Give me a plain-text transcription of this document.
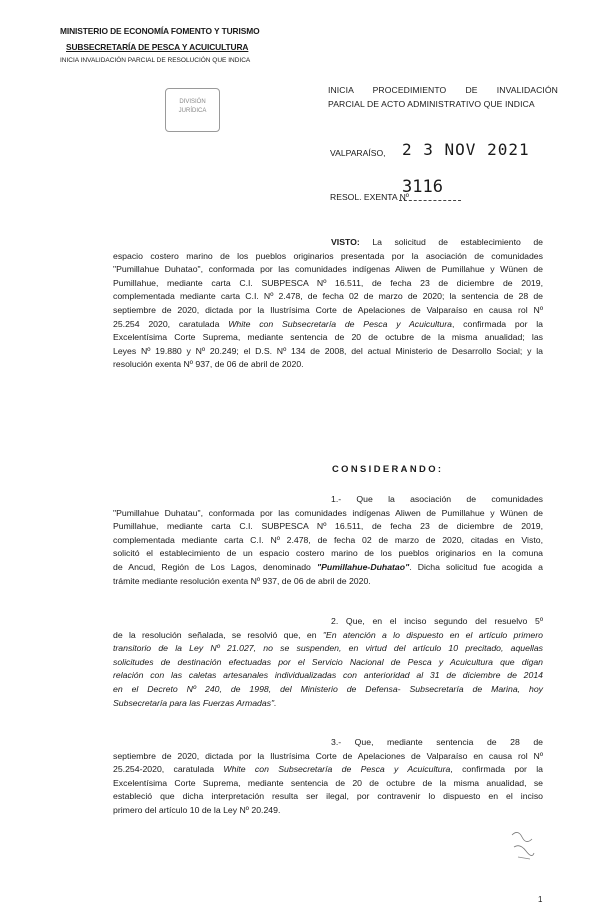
MINISTERIO DE ECONOMÍA FOMENTO Y TURISMO
SUBSECRETARÍA DE PESCA Y ACUICULTURA
INICIA INVALIDACIÓN PARCIAL DE RESOLUCIÓN QUE INDICA
DIVISIÓN
JURÍDICA
INICIA PROCEDIMIENTO DE INVALIDACIÓN
PARCIAL DE ACTO ADMINISTRATIVO QUE INDICA
VALPARAÍSO, 2 3 NOV 2021
RESOL. EXENTA Nº
3116
VISTO: La solicitud de establecimiento de
espacio costero marino de los pueblos originarios presentada por la asociación de comunidades
"Pumillahue Duhatao", conformada por las comunidades indígenas Aliwen de Pumillahue y Wünen de
Pumillahue, mediante carta C.I. SUBPESCA Nº 16.511, de fecha 23 de diciembre de 2019,
complementada mediante carta C.I. Nº 2.478, de fecha 02 de marzo de 2020; la sentencia de 28 de
septiembre de 2020, dictada por la Ilustrísima Corte de Apelaciones de Valparaíso en causa rol Nº
25.254 2020, caratulada White con Subsecretaría de Pesca y Acuicultura, confirmada por la
Excelentísima Corte Suprema, mediante sentencia de 20 de octubre de la misma anualidad; las
Leyes Nº 19.880 y Nº 20.249; el D.S. Nº 134 de 2008, del actual Ministerio de Desarrollo Social; y la
resolución exenta Nº 937, de 06 de abril de 2020.
CONSIDERANDO:
1.- Que la asociación de comunidades
"Pumillahue Duhatau", conformada por las comunidades indígenas Aliwen de Pumillahue y Wünen de
Pumillahue, mediante carta C.I. SUBPESCA Nº 16.511, de fecha 23 de diciembre de 2019,
complementada mediante carta C.I. Nº 2.478, de fecha 02 de marzo de 2020, citadas en Visto,
solicitó el establecimiento de un espacio costero marino de los pueblos originarios en la comuna
de Ancud, Región de Los Lagos, denominado "Pumillahue-Duhatao". Dicha solicitud fue acogida a
trámite mediante resolución exenta Nº 937, de 06 de abril de 2020.
2. Que, en el inciso segundo del resuelvo 5º
de la resolución señalada, se resolvió que, en "En atención a lo dispuesto en el artículo primero
transitorio de la Ley Nº 21.027, no se suspenden, en virtud del artículo 10 precitado, aquellas
solicitudes de destinación efectuadas por el Servicio Nacional de Pesca y Acuicultura que digan
relación con las caletas artesanales individualizadas con anterioridad al 31 de diciembre de 2014
en el Decreto Nº 240, de 1998, del Ministerio de Defensa- Subsecretaría de Marina, hoy
Subsecretaría para las Fuerzas Armadas".
3.- Que, mediante sentencia de 28 de
septiembre de 2020, dictada por la Ilustrísima Corte de Apelaciones de Valparaíso en causa rol Nº
25.254-2020, caratulada White con Subsecretaría de Pesca y Acuicultura, confirmada por la
Excelentísima Corte Suprema, mediante sentencia de 20 de octubre de la misma anualidad, se
estableció que dicha interpretación resulta ser ilegal, por contravenir lo dispuesto en el inciso
primero del artículo 10 de la Ley Nº 20.249.
1
